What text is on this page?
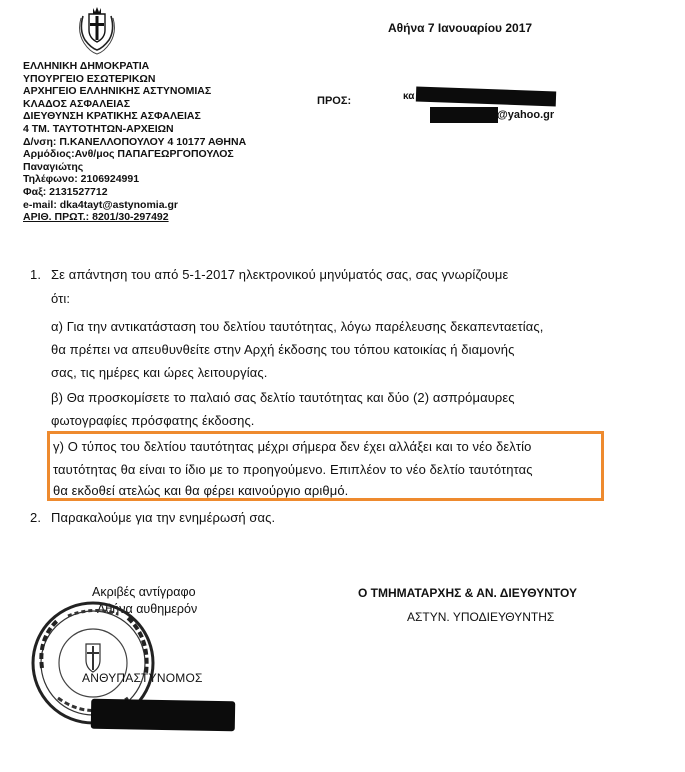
Αθήνα 7 Ιανουαρίου 2017
ΕΛΛΗΝΙΚΗ ΔΗΜΟΚΡΑΤΙΑ
ΥΠΟΥΡΓΕΙΟ ΕΣΩΤΕΡΙΚΩΝ
ΑΡΧΗΓΕΙΟ ΕΛΛΗΝΙΚΗΣ ΑΣΤΥΝΟΜΙΑΣ
ΚΛΑΔΟΣ ΑΣΦΑΛΕΙΑΣ
ΔΙΕΥΘΥΝΣΗ ΚΡΑΤΙΚΗΣ ΑΣΦΑΛΕΙΑΣ
4 ΤΜ. ΤΑΥΤΟΤΗΤΩΝ-ΑΡΧΕΙΩΝ
Δ/νση: Π.ΚΑΝΕΛΛΟΠΟΥΛΟΥ 4 10177 ΑΘΗΝΑ
Αρμόδιος:Ανθ/μος ΠΑΠΑΓΕΩΡΓΟΠΟΥΛΟΣ
Παναγιώτης
Τηλέφωνο: 2106924991
Φαξ: 2131527712
e-mail: dka4tayt@astynomia.gr
ΑΡΙΘ. ΠΡΩΤ.: 8201/30-297492
ΠΡΟΣ:	κα
@yahoo.gr
1. Σε απάντηση του από 5-1-2017 ηλεκτρονικού μηνύματός σας, σας γνωρίζουμε
ότι:
α) Για την αντικατάσταση του δελτίου ταυτότητας, λόγω παρέλευσης δεκαπενταετίας,
θα πρέπει να απευθυνθείτε στην Αρχή έκδοσης του τόπου κατοικίας ή διαμονής
σας, τις ημέρες και ώρες λειτουργίας.
β) Θα προσκομίσετε το παλαιό σας δελτίο ταυτότητας και δύο (2) ασπρόμαυρες
φωτογραφίες πρόσφατης έκδοσης.
γ) Ο τύπος του δελτίου ταυτότητας μέχρι σήμερα δεν έχει αλλάξει και το νέο δελτίο
ταυτότητας θα είναι το ίδιο με το προηγούμενο. Επιπλέον το νέο δελτίο ταυτότητας
θα εκδοθεί ατελώς και θα φέρει καινούργιο αριθμό.
2. Παρακαλούμε για την ενημέρωσή σας.
Ακριβές αντίγραφο
Αθήνα αυθημερόν
ΑΝΘΥΠΑΣΤΥΝΟΜΟΣ
Ο ΤΜΗΜΑΤΑΡΧΗΣ & ΑΝ. ΔΙΕΥΘΥΝΤΟΥ
ΑΣΤΥΝ. ΥΠΟΔΙΕΥΘΥΝΤΗΣ
